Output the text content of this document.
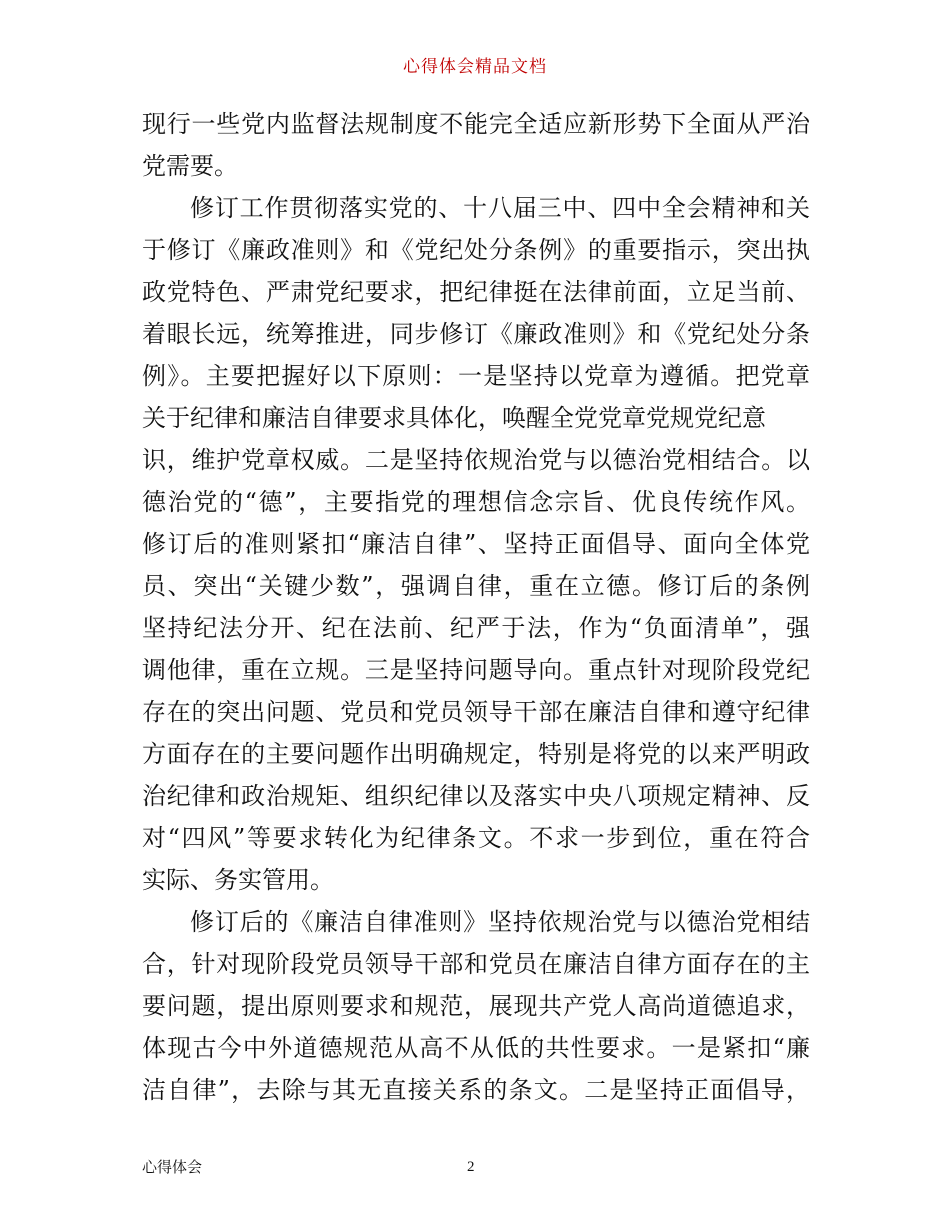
心得体会精品文档
现行一些党内监督法规制度不能完全适应新形势下全面从严治
党需要。
修订工作贯彻落实党的、十八届三中、四中全会精神和关
于修订《廉政准则》和《党纪处分条例》的重要指示，突出执
政党特色、严肃党纪要求，把纪律挺在法律前面，立足当前、
着眼长远，统筹推进，同步修订《廉政准则》和《党纪处分条
例》。主要把握好以下原则：一是坚持以党章为遵循。把党章
关于纪律和廉洁自律要求具体化，唤醒全党党章党规党纪意
识，维护党章权威。二是坚持依规治党与以德治党相结合。以
德治党的“德”，主要指党的理想信念宗旨、优良传统作风。
修订后的准则紧扣“廉洁自律”、坚持正面倡导、面向全体党
员、突出“关键少数”，强调自律，重在立德。修订后的条例
坚持纪法分开、纪在法前、纪严于法，作为“负面清单”，强
调他律，重在立规。三是坚持问题导向。重点针对现阶段党纪
存在的突出问题、党员和党员领导干部在廉洁自律和遵守纪律
方面存在的主要问题作出明确规定，特别是将党的以来严明政
治纪律和政治规矩、组织纪律以及落实中央八项规定精神、反
对“四风”等要求转化为纪律条文。不求一步到位，重在符合
实际、务实管用。
修订后的《廉洁自律准则》坚持依规治党与以德治党相结
合，针对现阶段党员领导干部和党员在廉洁自律方面存在的主
要问题，提出原则要求和规范，展现共产党人高尚道德追求，
体现古今中外道德规范从高不从低的共性要求。一是紧扣“廉
洁自律”，去除与其无直接关系的条文。二是坚持正面倡导，
心得体会	2
